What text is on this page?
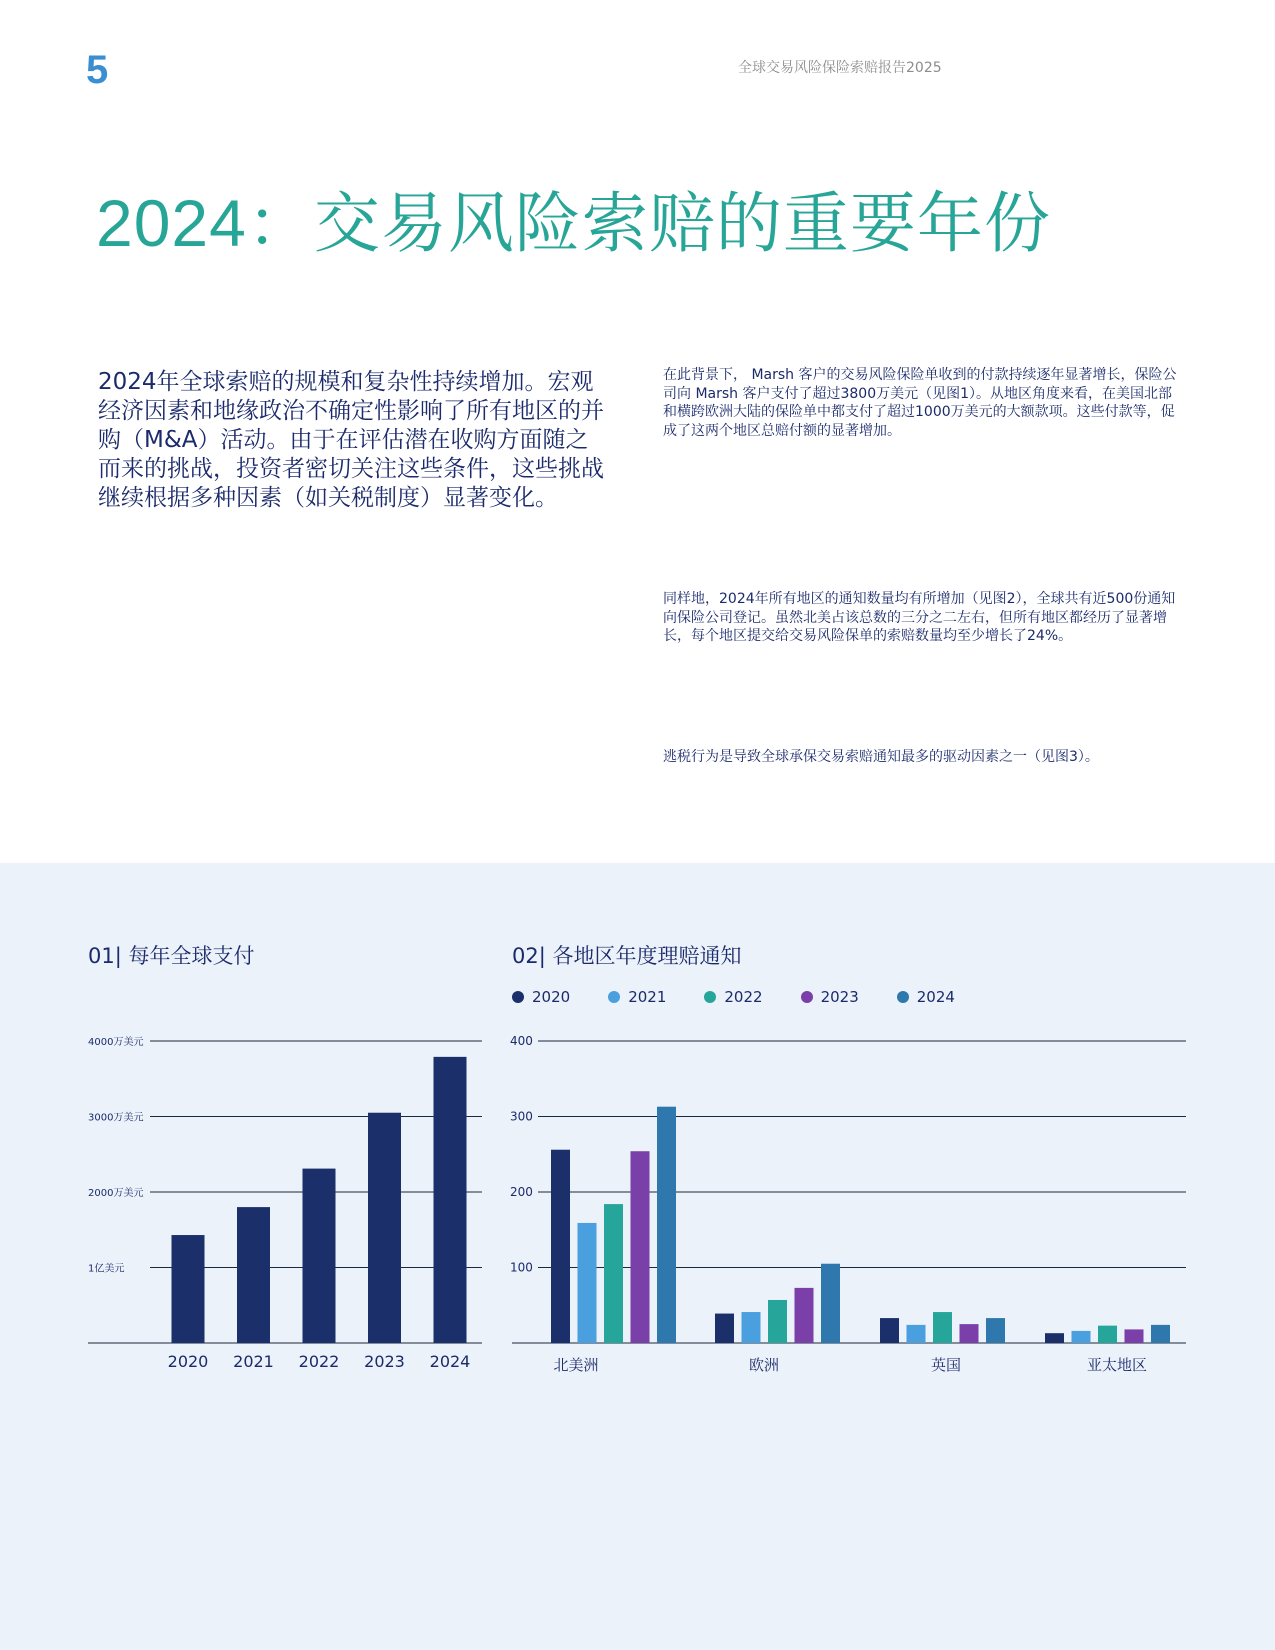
5	全球交易风险保险索赔报告2025
2024：交易风险索赔的重要年份

2024年全球索赔的规模和复杂性持续增加。宏观经济因素和地缘政治不确定性影响了所有地区的并购（M&A）活动。由于在评估潜在收购方面随之而来的挑战，投资者密切关注这些条件，这些挑战继续根据多种因素（如关税制度）显著变化。

在此背景下， Marsh 客户的交易风险保险单收到的付款持续逐年显著增长，保险公司向 Marsh 客户支付了超过3800万美元（见图1）。从地区角度来看，在美国北部和横跨欧洲大陆的保险单中都支付了超过1000万美元的大额款项。这些付款等，促成了这两个地区总赔付额的显著增加。

同样地，2024年所有地区的通知数量均有所增加（见图2），全球共有近500份通知向保险公司登记。虽然北美占该总数的三分之二左右，但所有地区都经历了显著增长，每个地区提交给交易风险保单的索赔数量均至少增长了24%。

逃税行为是导致全球承保交易索赔通知最多的驱动因素之一（见图3）。

01| 每年全球支付	02| 各地区年度理赔通知
2020	2021	2022	2023	2024
1亿美元
2000万美元
3000万美元
4000万美元
2020 2021 2022 2023 2024
100
200
300
400
北美洲	欧洲	英国	亚太地区
